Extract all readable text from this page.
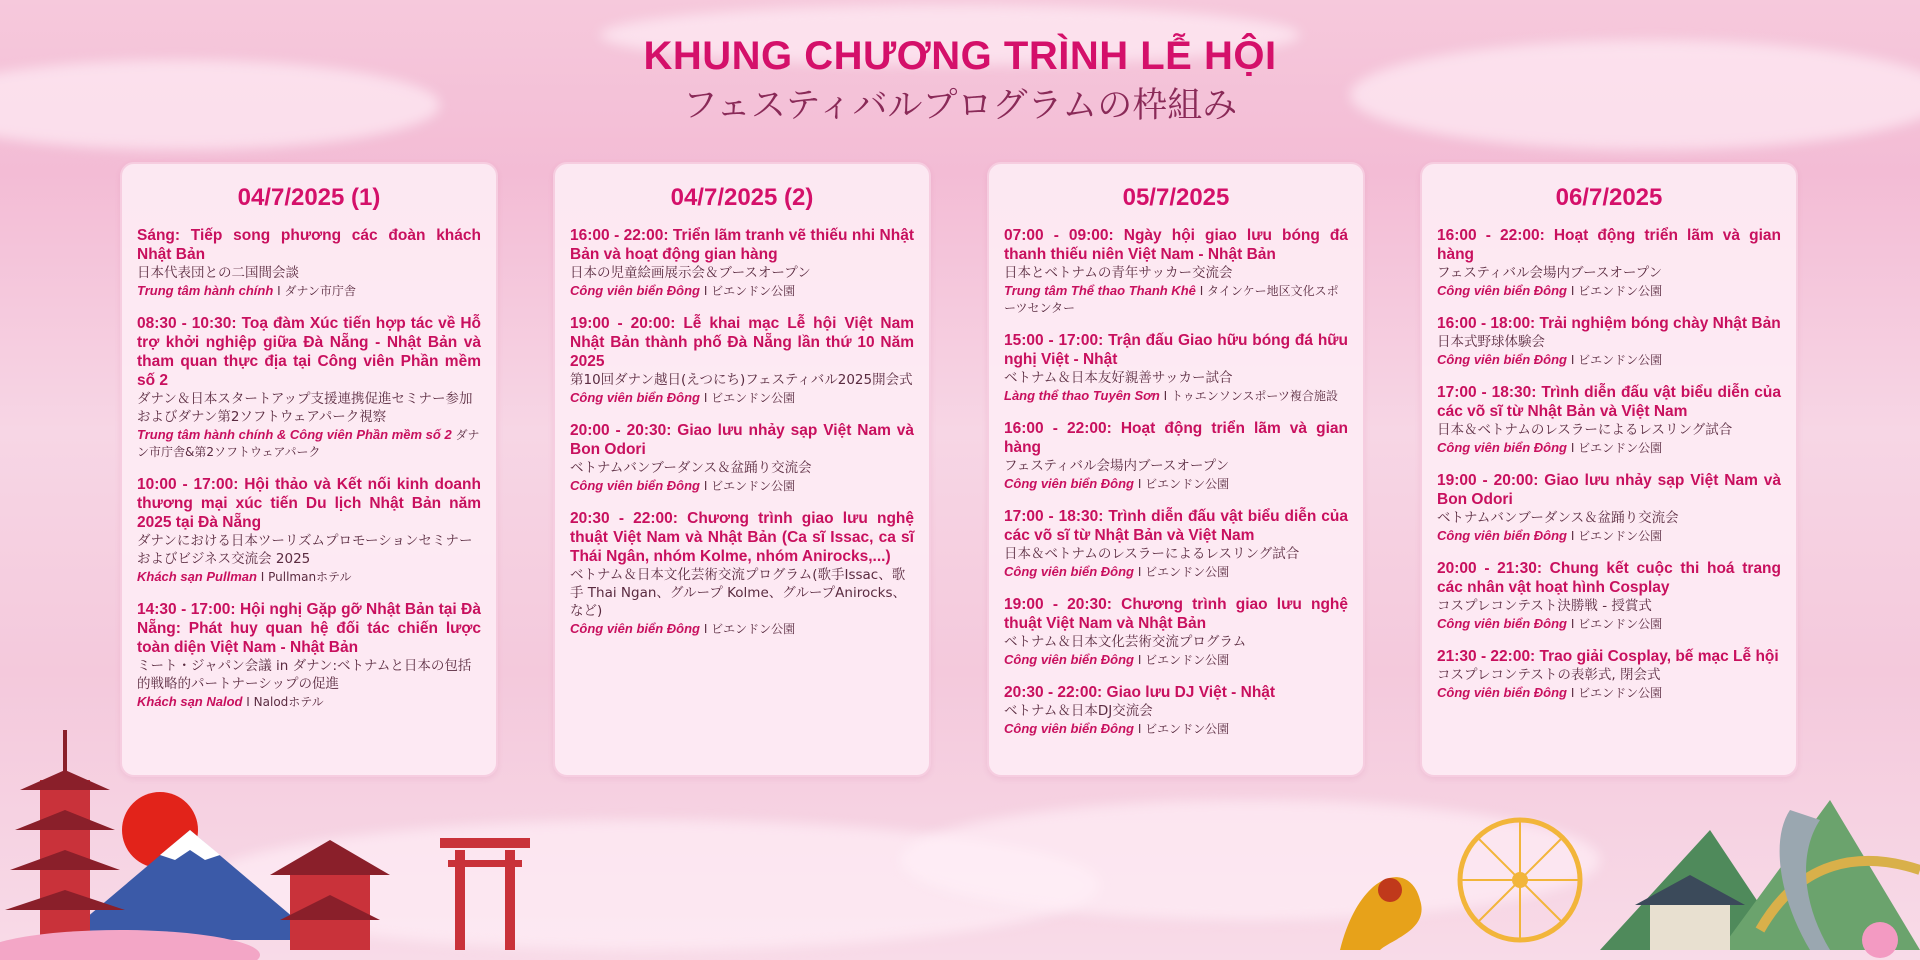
KHUNG CHƯƠNG TRÌNH LỄ HỘI
フェスティバルプログラムの枠組み
04/7/2025 (1)
Sáng: Tiếp song phương các đoàn khách Nhật Bản
日本代表団との二国間会談
Trung tâm hành chính I ダナン市庁舎
08:30 - 10:30: Toạ đàm Xúc tiến hợp tác về Hỗ trợ khởi nghiệp giữa Đà Nẵng - Nhật Bản và tham quan thực địa tại Công viên Phần mềm số 2
ダナン＆日本スタートアップ支援連携促進セミナー参加およびダナン第2ソフトウェアパーク視察
Trung tâm hành chính & Công viên Phần mềm số 2 ダナン市庁舎&第2ソフトウェアパーク
10:00 - 17:00: Hội thảo và Kết nối kinh doanh thương mại xúc tiến Du lịch Nhật Bản năm 2025 tại Đà Nẵng
ダナンにおける日本ツーリズムプロモーションセミナーおよびビジネス交流会 2025
Khách sạn Pullman I Pullmanホテル
14:30 - 17:00: Hội nghị Gặp gỡ Nhật Bản tại Đà Nẵng: Phát huy quan hệ đối tác chiến lược toàn diện Việt Nam - Nhật Bản
ミート・ジャパン会議 in ダナン:ベトナムと日本の包括的戦略的パートナーシップの促進
Khách sạn Nalod I Nalodホテル
04/7/2025 (2)
16:00 - 22:00: Triển lãm tranh vẽ thiếu nhi Nhật Bản và hoạt động gian hàng
日本の児童絵画展示会＆ブースオープン
Công viên biển Đông I ビエンドン公園
19:00 - 20:00: Lễ khai mạc Lễ hội Việt Nam Nhật Bản thành phố Đà Nẵng lần thứ 10 Năm 2025
第10回ダナン越日(えつにち)フェスティバル2025開会式
Công viên biển Đông I ビエンドン公園
20:00 - 20:30: Giao lưu nhảy sạp Việt Nam và Bon Odori
ベトナムバンブーダンス＆盆踊り交流会
Công viên biển Đông I ビエンドン公園
20:30 - 22:00: Chương trình giao lưu nghệ thuật Việt Nam và Nhật Bản (Ca sĩ Issac, ca sĩ Thái Ngân, nhóm Kolme, nhóm Anirocks,...)
ベトナム＆日本文化芸術交流プログラム(歌手Issac、歌手 Thai Ngan、グループ Kolme、グループAnirocks、など)
Công viên biển Đông I ビエンドン公園
05/7/2025
07:00 - 09:00: Ngày hội giao lưu bóng đá thanh thiếu niên Việt Nam - Nhật Bản
日本とベトナムの青年サッカー交流会
Trung tâm Thể thao Thanh Khê I タインケー地区文化スポーツセンター
15:00 - 17:00: Trận đấu Giao hữu bóng đá hữu nghị Việt - Nhật
ベトナム＆日本友好親善サッカー試合
Làng thể thao Tuyên Sơn I トゥエンソンスポーツ複合施設
16:00 - 22:00: Hoạt động triển lãm và gian hàng
フェスティバル会場内ブースオープン
Công viên biển Đông I ビエンドン公園
17:00 - 18:30: Trình diễn đấu vật biểu diễn của các võ sĩ từ Nhật Bản và Việt Nam
日本＆ベトナムのレスラーによるレスリング試合
Công viên biển Đông I ビエンドン公園
19:00 - 20:30: Chương trình giao lưu nghệ thuật Việt Nam và Nhật Bản
ベトナム＆日本文化芸術交流プログラム
Công viên biển Đông I ビエンドン公園
20:30 - 22:00: Giao lưu DJ Việt - Nhật
ベトナム＆日本DJ交流会
Công viên biển Đông I ビエンドン公園
06/7/2025
16:00 - 22:00: Hoạt động triển lãm và gian hàng
フェスティバル会場内ブースオープン
Công viên biển Đông I ビエンドン公園
16:00 - 18:00: Trải nghiệm bóng chày Nhật Bản
日本式野球体験会
Công viên biển Đông I ビエンドン公園
17:00 - 18:30: Trình diễn đấu vật biểu diễn của các võ sĩ từ Nhật Bản và Việt Nam
日本＆ベトナムのレスラーによるレスリング試合
Công viên biển Đông I ビエンドン公園
19:00 - 20:00: Giao lưu nhảy sạp Việt Nam và Bon Odori
ベトナムバンブーダンス＆盆踊り交流会
Công viên biển Đông I ビエンドン公園
20:00 - 21:30: Chung kết cuộc thi hoá trang các nhân vật hoạt hình Cosplay
コスプレコンテスト決勝戦 - 授賞式
Công viên biển Đông I ビエンドン公園
21:30 - 22:00: Trao giải Cosplay, bế mạc Lễ hội
コスプレコンテストの表彰式, 閉会式
Công viên biển Đông I ビエンドン公園
